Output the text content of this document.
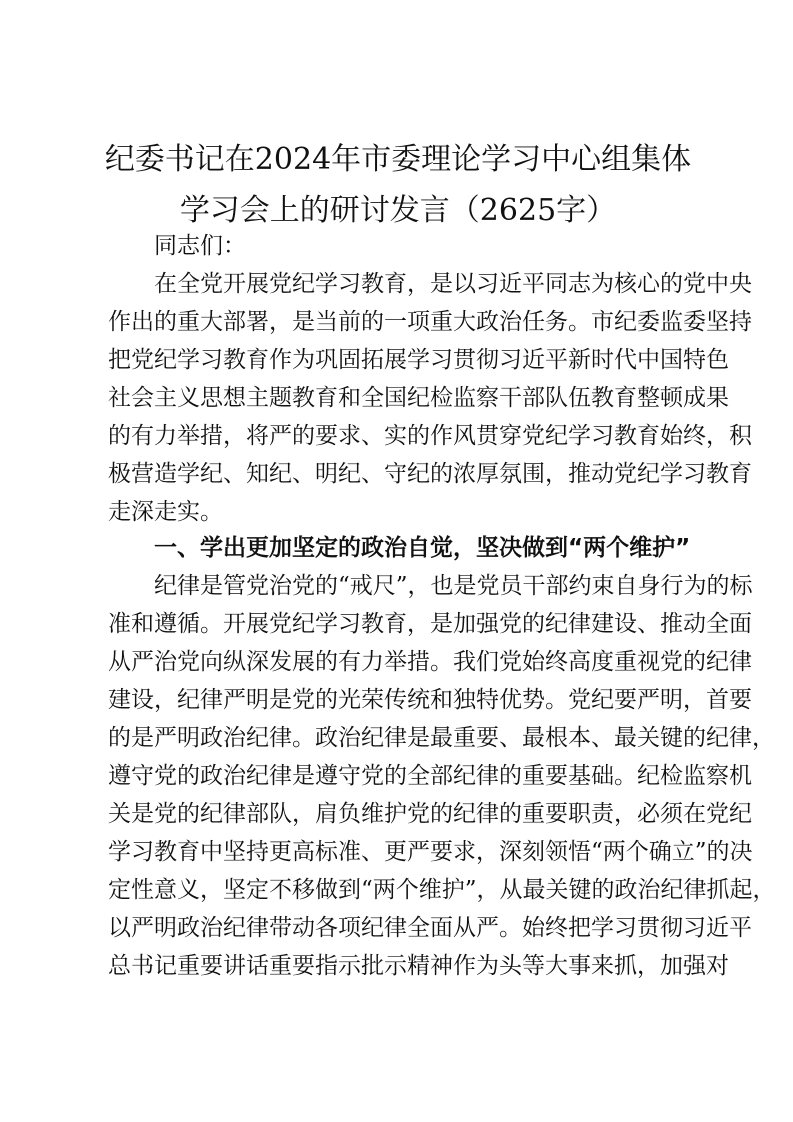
纪委书记在2024年市委理论学习中心组集体
学习会上的研讨发言（2625字）
同志们：
在全党开展党纪学习教育，是以习近平同志为核心的党中央
作出的重大部署，是当前的一项重大政治任务。市纪委监委坚持
把党纪学习教育作为巩固拓展学习贯彻习近平新时代中国特色
社会主义思想主题教育和全国纪检监察干部队伍教育整顿成果
的有力举措，将严的要求、实的作风贯穿党纪学习教育始终，积
极营造学纪、知纪、明纪、守纪的浓厚氛围，推动党纪学习教育
走深走实。
一、学出更加坚定的政治自觉，坚决做到“两个维护”
纪律是管党治党的“戒尺”，也是党员干部约束自身行为的标
准和遵循。开展党纪学习教育，是加强党的纪律建设、推动全面
从严治党向纵深发展的有力举措。我们党始终高度重视党的纪律
建设，纪律严明是党的光荣传统和独特优势。党纪要严明，首要
的是严明政治纪律。政治纪律是最重要、最根本、最关键的纪律，
遵守党的政治纪律是遵守党的全部纪律的重要基础。纪检监察机
关是党的纪律部队，肩负维护党的纪律的重要职责，必须在党纪
学习教育中坚持更高标准、更严要求，深刻领悟“两个确立”的决
定性意义，坚定不移做到“两个维护”，从最关键的政治纪律抓起，
以严明政治纪律带动各项纪律全面从严。始终把学习贯彻习近平
总书记重要讲话重要指示批示精神作为头等大事来抓，加强对
